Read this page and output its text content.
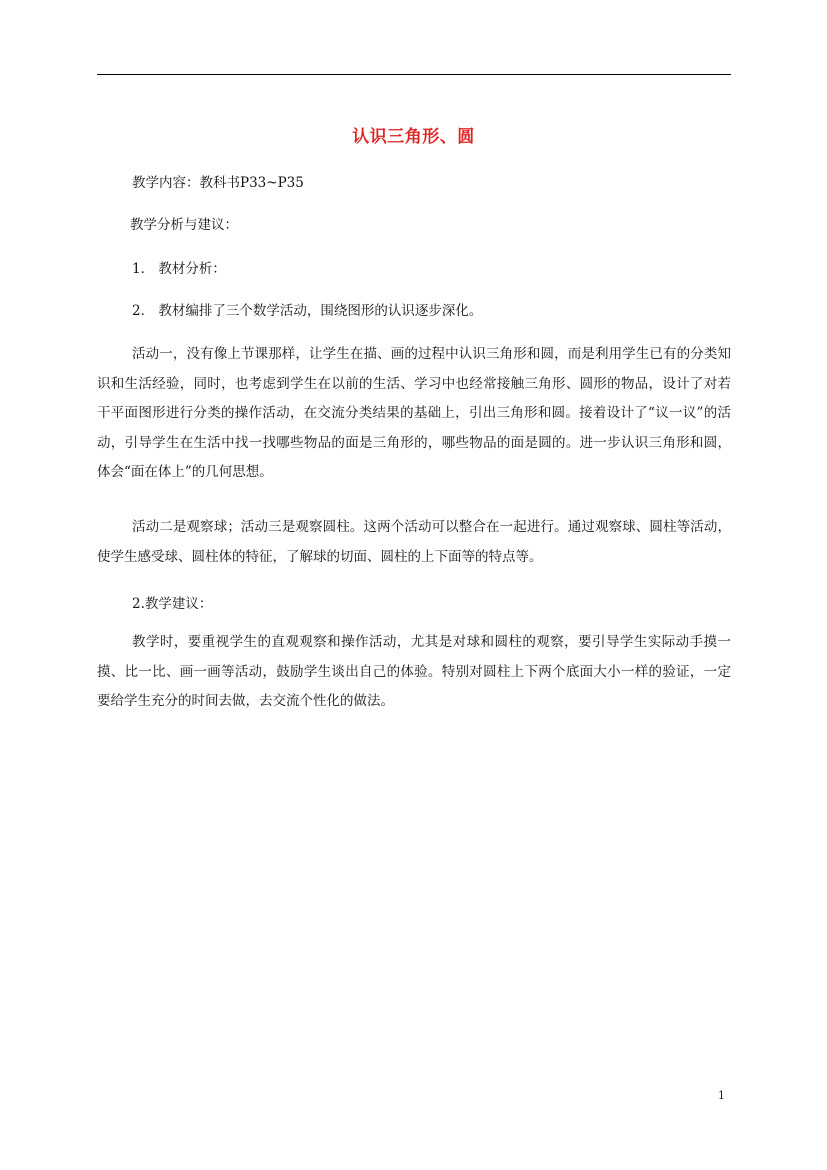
认识三角形、圆
教学内容：教科书P33~P35
教学分析与建议：
1． 教材分析：
2． 教材编排了三个数学活动，围绕图形的认识逐步深化。
活动一，没有像上节课那样，让学生在描、画的过程中认识三角形和圆，而是利用学生已有的分类知识和生活经验，同时，也考虑到学生在以前的生活、学习中也经常接触三角形、圆形的物品，设计了对若干平面图形进行分类的操作活动，在交流分类结果的基础上，引出三角形和圆。接着设计了“议一议”的活动，引导学生在生活中找一找哪些物品的面是三角形的，哪些物品的面是圆的。进一步认识三角形和圆，体会“面在体上”的几何思想。
活动二是观察球；活动三是观察圆柱。这两个活动可以整合在一起进行。通过观察球、圆柱等活动，使学生感受球、圆柱体的特征，了解球的切面、圆柱的上下面等的特点等。
2.教学建议：
教学时，要重视学生的直观观察和操作活动，尤其是对球和圆柱的观察，要引导学生实际动手摸一摸、比一比、画一画等活动，鼓励学生谈出自己的体验。特别对圆柱上下两个底面大小一样的验证，一定要给学生充分的时间去做，去交流个性化的做法。
1
